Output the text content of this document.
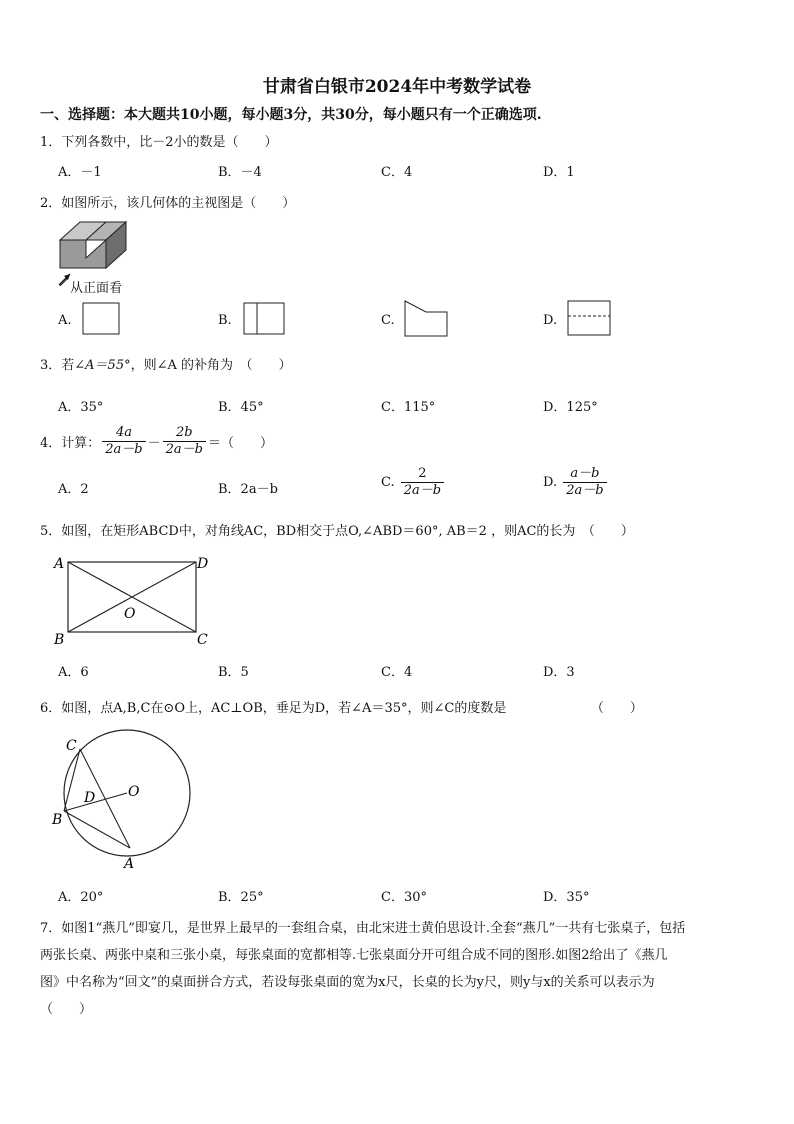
甘肃省白银市2024年中考数学试卷
一、选择题：本大题共10小题，每小题3分，共30分，每小题只有一个正确选项.
1．下列各数中，比－2小的数是（　　）
A．－1	B．－4	C．4	D．1
2．如图所示，该几何体的主视图是（　　）
从正面看
A.	B.	C.	D.
3．若∠A＝55°，则∠A 的补角为　（　　）
A．35°	B．45°	C．115°	D．125°
4．计算： $\frac{4a}{2a-b} - \frac{2b}{2a-b}$ ＝（　　）
A．2	B．2a－b	C. $\frac{2}{2a-b}$	D. $\frac{a-b}{2a-b}$
5．如图，在矩形ABCD中，对角线AC，BD相交于点O,∠ABD＝60°, AB＝2 ，则AC的长为　（　　）
A	D
B	C
O
A．6	B．5	C．4	D．3
6．如图，点A,B,C在⊙O上，AC⊥OB，垂足为D，若∠A＝35°，则∠C的度数是　　　　　　　（　　）
C
D O
B
A
A．20°	B．25°	C．30°	D．35°
7．如图1“燕几”即宴几，是世界上最早的一套组合桌，由北宋进士黄伯思设计.全套“燕几”一共有七张桌子，包括
两张长桌、两张中桌和三张小桌，每张桌面的宽都相等.七张桌面分开可组合成不同的图形.如图2给出了《燕几
图》中名称为“回文”的桌面拼合方式，若设每张桌面的宽为x尺，长桌的长为y尺，则y与x的关系可以表示为
（　　）
